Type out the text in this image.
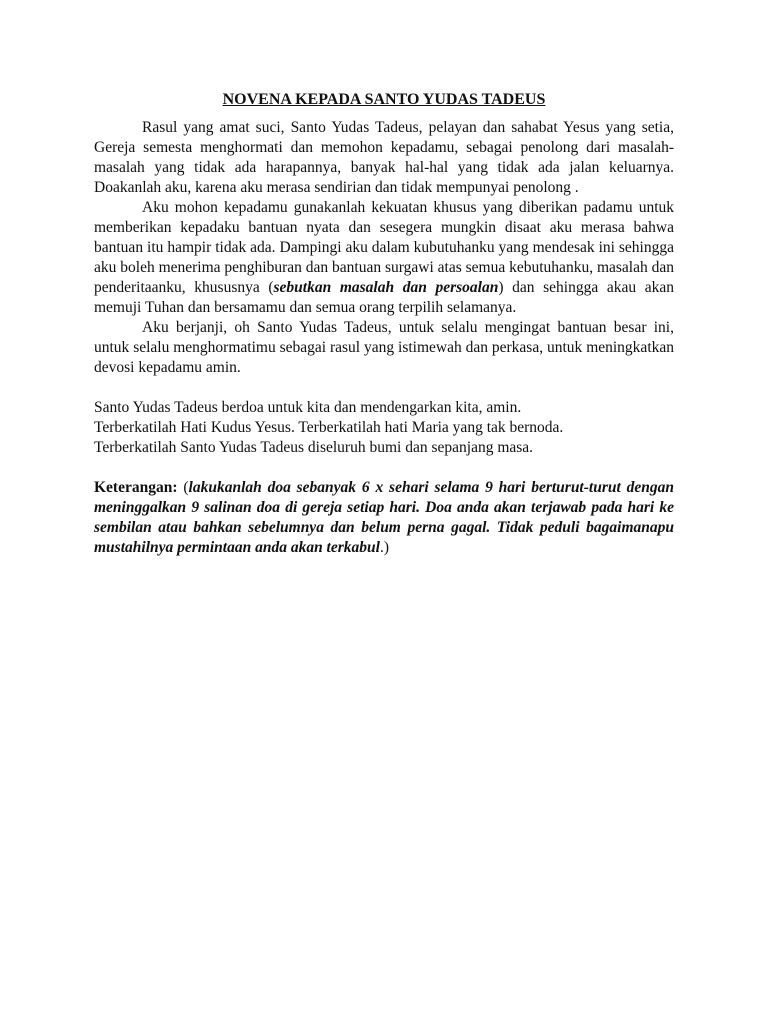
NOVENA KEPADA SANTO YUDAS TADEUS

Rasul yang amat suci, Santo Yudas Tadeus, pelayan dan sahabat Yesus yang setia, Gereja semesta menghormati dan memohon kepadamu, sebagai penolong dari masalah-masalah yang tidak ada harapannya, banyak hal-hal yang tidak ada jalan keluarnya. Doakanlah aku, karena aku merasa sendirian dan tidak mempunyai penolong .

Aku mohon kepadamu gunakanlah kekuatan khusus yang diberikan padamu untuk memberikan kepadaku bantuan nyata dan sesegera mungkin disaat aku merasa bahwa bantuan itu hampir tidak ada. Dampingi aku dalam kubutuhanku yang mendesak ini sehingga aku boleh menerima penghiburan dan bantuan surgawi atas semua kebutuhanku, masalah dan penderitaanku, khususnya (sebutkan masalah dan persoalan) dan sehingga akau akan memuji Tuhan dan bersamamu dan semua orang terpilih selamanya.

Aku berjanji, oh Santo Yudas Tadeus, untuk selalu mengingat bantuan besar ini, untuk selalu menghormatimu sebagai rasul yang istimewah dan perkasa, untuk meningkatkan devosi kepadamu amin.

Santo Yudas Tadeus berdoa untuk kita dan mendengarkan kita, amin.

Terberkatilah Hati Kudus Yesus. Terberkatilah hati Maria yang tak bernoda.

Terberkatilah Santo Yudas Tadeus diseluruh bumi dan sepanjang masa.

Keterangan: (lakukanlah doa sebanyak 6 x sehari selama 9 hari berturut-turut dengan meninggalkan 9 salinan doa di gereja setiap hari. Doa anda akan terjawab pada hari ke sembilan atau bahkan sebelumnya dan belum perna gagal. Tidak peduli bagaimanapu mustahilnya permintaan anda akan terkabul.)
